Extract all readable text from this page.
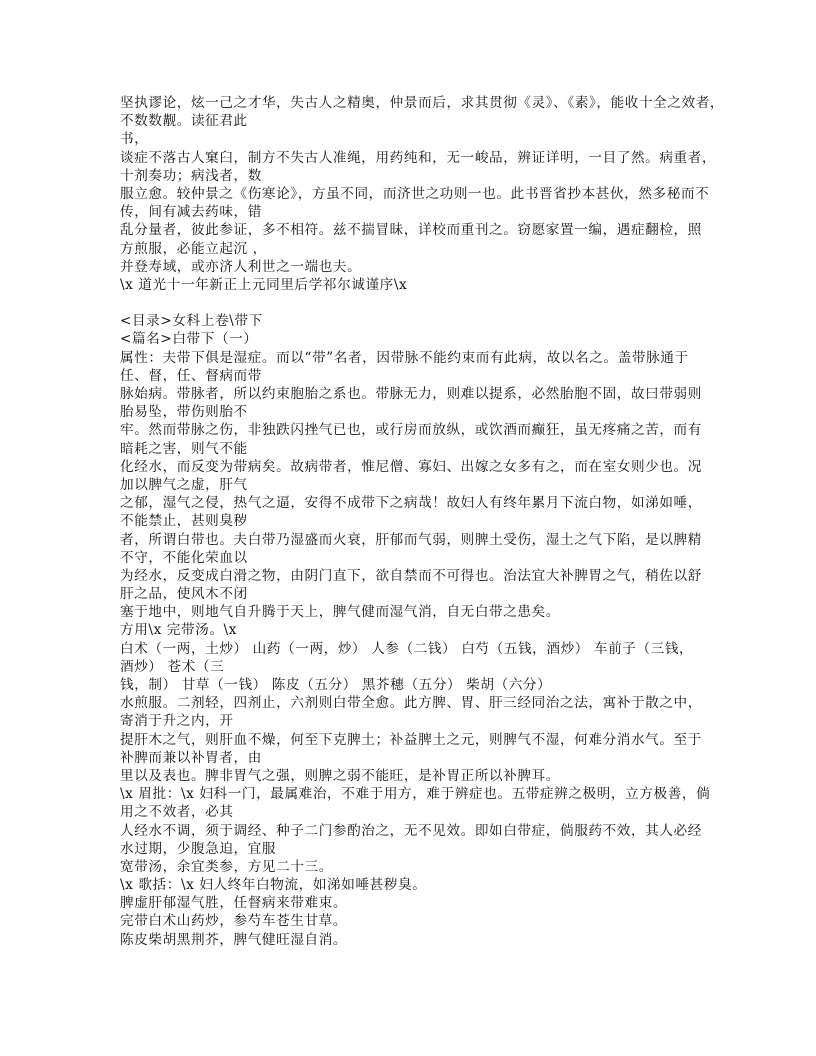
坚执谬论，炫一己之才华，失古人之精奥，仲景而后，求其贯彻《灵》、《素》，能收十全之效者，
不数数觏。读征君此
书，
谈症不落古人窠臼，制方不失古人准绳，用药纯和，无一峻品，辨证详明，一目了然。病重者，
十剂奏功；病浅者，数
服立愈。较仲景之《伤寒论》，方虽不同，而济世之功则一也。此书晋省抄本甚伙，然多秘而不
传，间有减去药味，错
乱分量者，彼此参证，多不相符。兹不揣冒昧，详校而重刊之。窃愿家置一编，遇症翻检，照
方煎服，必能立起沉 ，
并登寿域，或亦济人利世之一端也夫。
\x 道光十一年新正上元同里后学祁尔诚谨序\x
<目录>女科上卷\带下
<篇名>白带下（一）
属性：夫带下俱是湿症。而以“带”名者，因带脉不能约束而有此病，故以名之。盖带脉通于
任、督，任、督病而带
脉始病。带脉者，所以约束胞胎之系也。带脉无力，则难以提系，必然胎胞不固，故曰带弱则
胎易坠，带伤则胎不
牢。然而带脉之伤，非独跌闪挫气已也，或行房而放纵，或饮酒而癫狂，虽无疼痛之苦，而有
暗耗之害，则气不能
化经水，而反变为带病矣。故病带者，惟尼僧、寡妇、出嫁之女多有之，而在室女则少也。况
加以脾气之虚，肝气
之郁，湿气之侵，热气之逼，安得不成带下之病哉！故妇人有终年累月下流白物，如涕如唾，
不能禁止，甚则臭秽
者，所谓白带也。夫白带乃湿盛而火衰，肝郁而气弱，则脾土受伤，湿土之气下陷，是以脾精
不守，不能化荣血以
为经水，反变成白滑之物，由阴门直下，欲自禁而不可得也。治法宜大补脾胃之气，稍佐以舒
肝之品，使风木不闭
塞于地中，则地气自升腾于天上，脾气健而湿气消，自无白带之患矣。
方用\x 完带汤。\x
白术（一两，土炒） 山药（一两，炒） 人参（二钱） 白芍（五钱，酒炒） 车前子（三钱，
酒炒） 苍术（三
钱，制） 甘草（一钱） 陈皮（五分） 黑芥穗（五分） 柴胡（六分）
水煎服。二剂轻，四剂止，六剂则白带全愈。此方脾、胃、肝三经同治之法，寓补于散之中，
寄消于升之内，开
提肝木之气，则肝血不燥，何至下克脾土；补益脾土之元，则脾气不湿，何难分消水气。至于
补脾而兼以补胃者，由
里以及表也。脾非胃气之强，则脾之弱不能旺，是补胃正所以补脾耳。
\x 眉批：\x 妇科一门，最属难治，不难于用方，难于辨症也。五带症辨之极明，立方极善，倘
用之不效者，必其
人经水不调，须于调经、种子二门参酌治之，无不见效。即如白带症，倘服药不效，其人必经
水过期，少腹急迫，宜服
宽带汤，余宜类参，方见二十三。
\x 歌括：\x 妇人终年白物流，如涕如唾甚秽臭。
脾虚肝郁湿气胜，任督病来带难束。
完带白术山药炒，参芍车苍生甘草。
陈皮柴胡黑荆芥，脾气健旺湿自消。
